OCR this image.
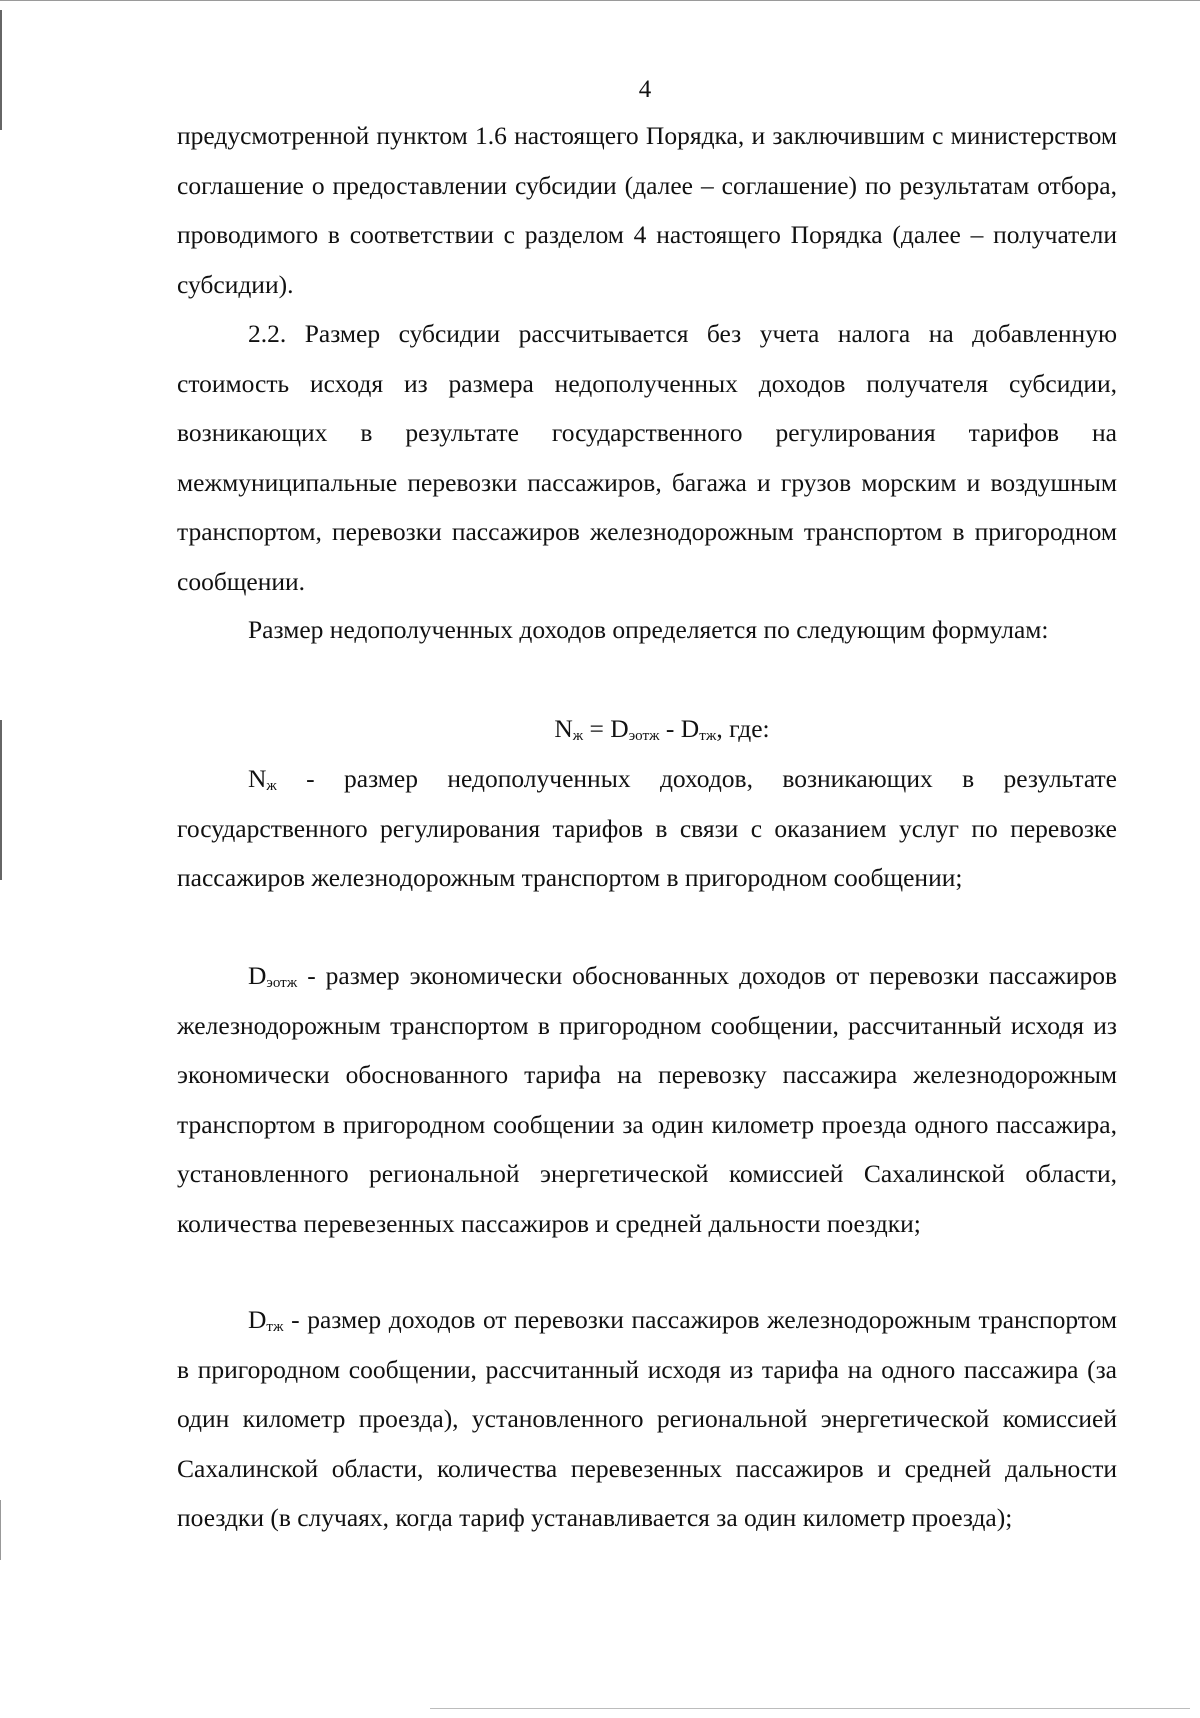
4

предусмотренной пунктом 1.6 настоящего Порядка, и заключившим с министерством соглашение о предоставлении субсидии (далее – соглашение) по результатам отбора, проводимого в соответствии с разделом 4 настоящего Порядка (далее – получатели субсидии).

2.2. Размер субсидии рассчитывается без учета налога на добавленную стоимость исходя из размера недополученных доходов получателя субсидии, возникающих в результате государственного регулирования тарифов на межмуниципальные перевозки пассажиров, багажа и грузов морским и воздушным транспортом, перевозки пассажиров железнодорожным транспортом в пригородном сообщении.

Размер недополученных доходов определяется по следующим формулам:

$N_ж = D_{эотж} - D_{тж}$, где:

$N_ж$ - размер недополученных доходов, возникающих в результате государственного регулирования тарифов в связи с оказанием услуг по перевозке пассажиров железнодорожным транспортом в пригородном сообщении;

$D_{эотж}$ - размер экономически обоснованных доходов от перевозки пассажиров железнодорожным транспортом в пригородном сообщении, рассчитанный исходя из экономически обоснованного тарифа на перевозку пассажира железнодорожным транспортом в пригородном сообщении за один километр проезда одного пассажира, установленного региональной энергетической комиссией Сахалинской области, количества перевезенных пассажиров и средней дальности поездки;

$D_{тж}$ - размер доходов от перевозки пассажиров железнодорожным транспортом в пригородном сообщении, рассчитанный исходя из тарифа на одного пассажира (за один километр проезда), установленного региональной энергетической комиссией Сахалинской области, количества перевезенных пассажиров и средней дальности поездки (в случаях, когда тариф устанавливается за один километр проезда);
